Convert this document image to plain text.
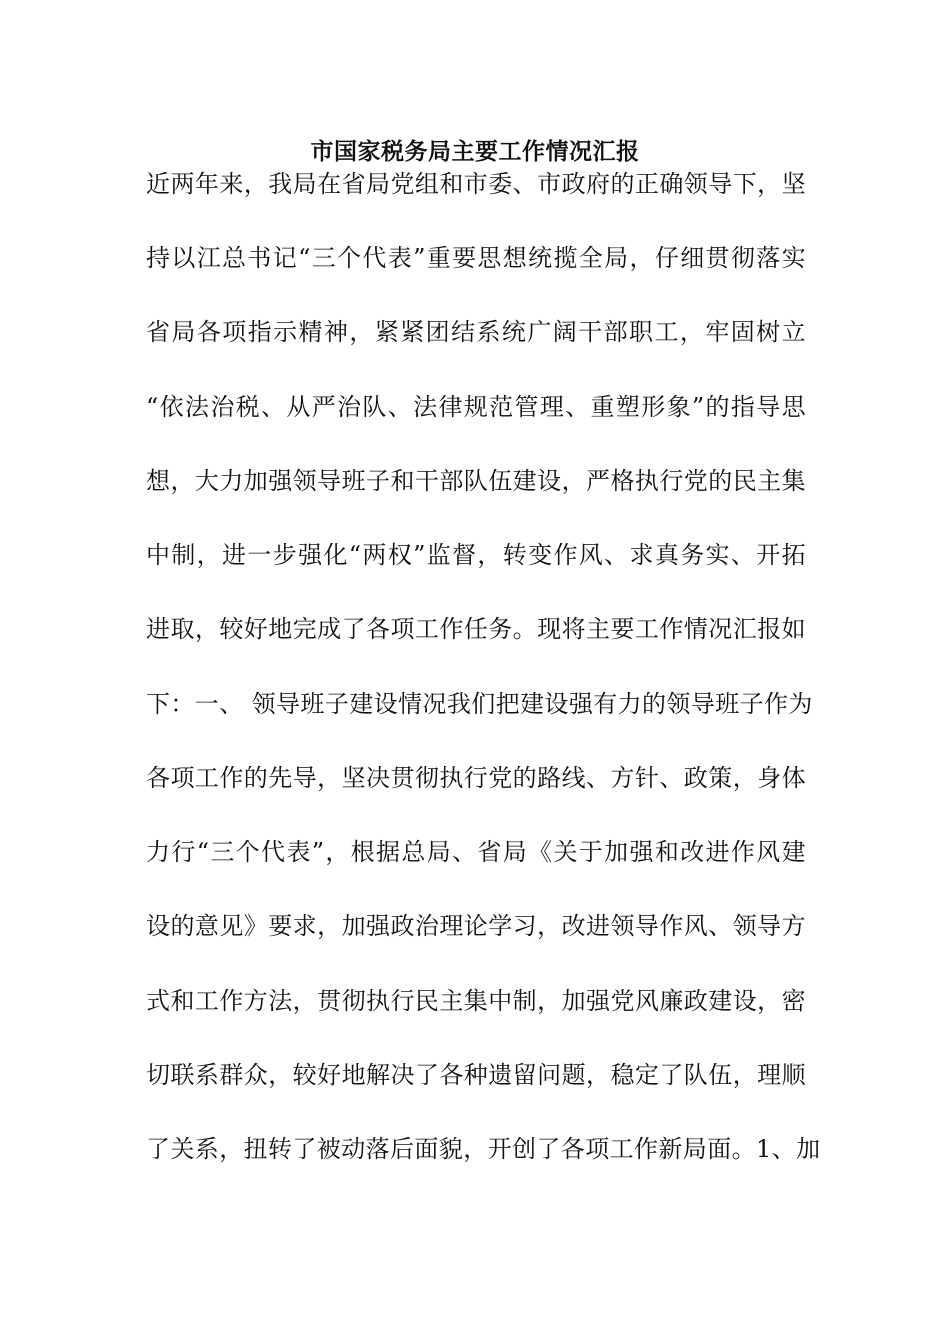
市国家税务局主要工作情况汇报
近两年来，我局在省局党组和市委、市政府的正确领导下，坚
持以江总书记“三个代表”重要思想统揽全局，仔细贯彻落实
省局各项指示精神，紧紧团结系统广阔干部职工，牢固树立
“依法治税、从严治队、法律规范管理、重塑形象”的指导思
想，大力加强领导班子和干部队伍建设，严格执行党的民主集
中制，进一步强化“两权”监督，转变作风、求真务实、开拓
进取，较好地完成了各项工作任务。现将主要工作情况汇报如
下：一、 领导班子建设情况我们把建设强有力的领导班子作为
各项工作的先导，坚决贯彻执行党的路线、方针、政策，身体
力行“三个代表”，根据总局、省局《关于加强和改进作风建
设的意见》要求，加强政治理论学习，改进领导作风、领导方
式和工作方法，贯彻执行民主集中制，加强党风廉政建设，密
切联系群众，较好地解决了各种遗留问题，稳定了队伍，理顺
了关系，扭转了被动落后面貌，开创了各项工作新局面。1、加
